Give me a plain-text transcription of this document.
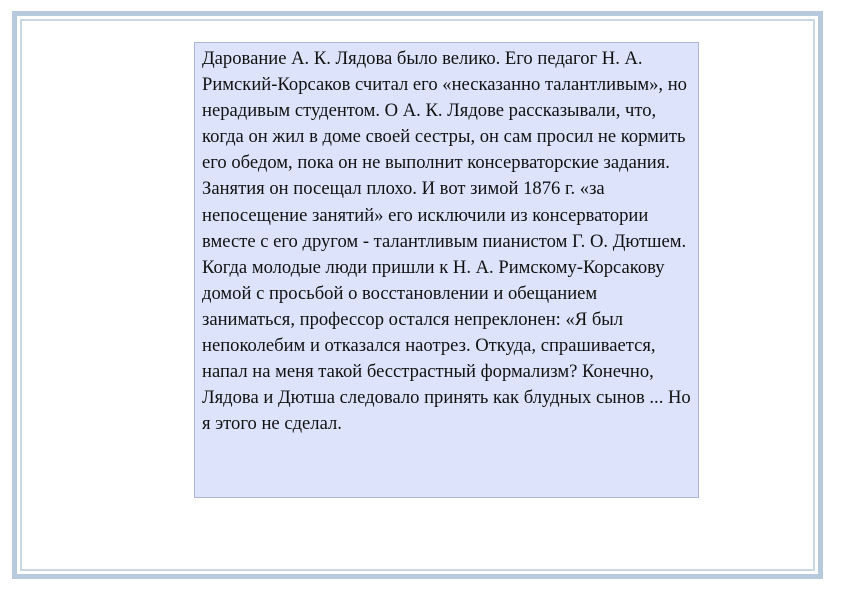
Дарование А. К. Лядова было велико. Его педагог Н. А. Римский-Корсаков считал его «несказанно талантливым», но нерадивым студентом. О А. К. Лядове рассказывали, что, когда он жил в доме своей сестры, он сам просил не кормить его обедом, пока он не выполнит консерваторские задания. Занятия он посещал плохо. И вот зимой 1876 г. «за непосещение занятий» его исключили из консерватории вместе с его другом - талантливым пианистом Г. О. Дютшем. Когда молодые люди пришли к Н. А. Римскому-Корсакову домой с просьбой о восстановлении и обещанием заниматься, профессор остался непреклонен: «Я был непоколебим и отказался наотрез. Откуда, спрашивается, напал на меня такой бесстрастный формализм? Конечно, Лядова и Дютша следовало принять как блудных сынов ... Но я этого не сделал.
